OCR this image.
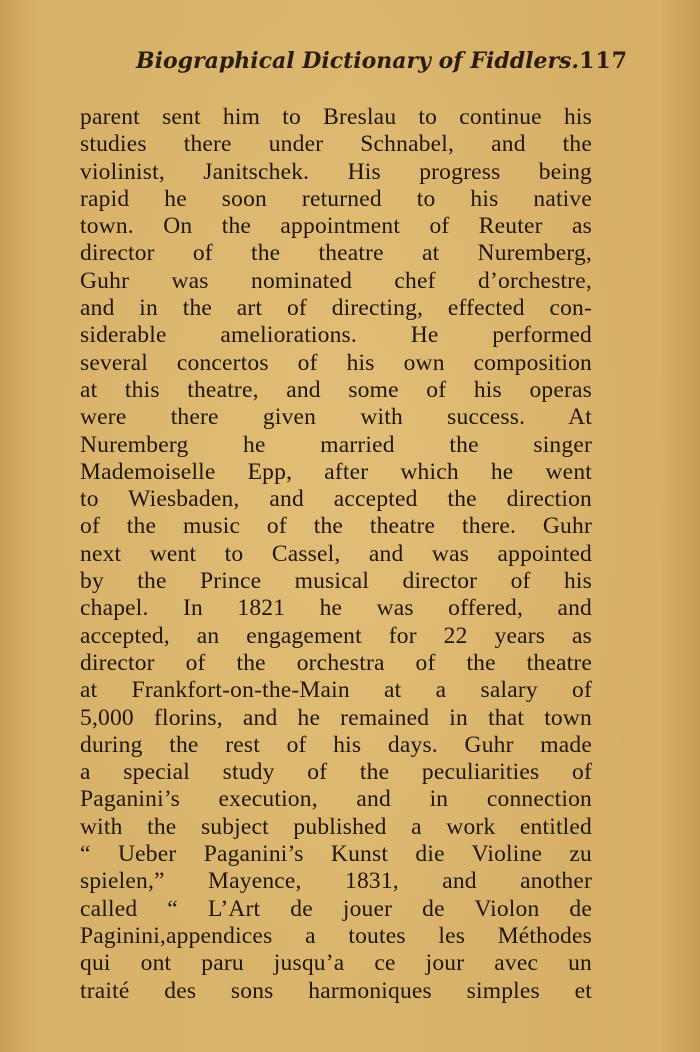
Biographical Dictionary of Fiddlers. 117
parent sent him to Breslau to continue his
studies there under Schnabel, and the
violinist, Janitschek. His progress being
rapid he soon returned to his native
town. On the appointment of Reuter as
director of the theatre at Nuremberg,
Guhr was nominated chef d’orchestre,
and in the art of directing, effected con-
siderable ameliorations. He performed
several concertos of his own composition
at this theatre, and some of his operas
were there given with success. At
Nuremberg he married the singer
Mademoiselle Epp, after which he went
to Wiesbaden, and accepted the direction
of the music of the theatre there. Guhr
next went to Cassel, and was appointed
by the Prince musical director of his
chapel. In 1821 he was offered, and
accepted, an engagement for 22 years as
director of the orchestra of the theatre
at Frankfort-on-the-Main at a salary of
5,000 florins, and he remained in that town
during the rest of his days. Guhr made
a special study of the peculiarities of
Paganini’s execution, and in connection
with the subject published a work entitled
“ Ueber Paganini’s Kunst die Violine zu
spielen,” Mayence, 1831, and another
called “ L’Art de jouer de Violon de
Paginini,appendices a toutes les Méthodes
qui ont paru jusqu’a ce jour avec un
traité des sons harmoniques simples et
